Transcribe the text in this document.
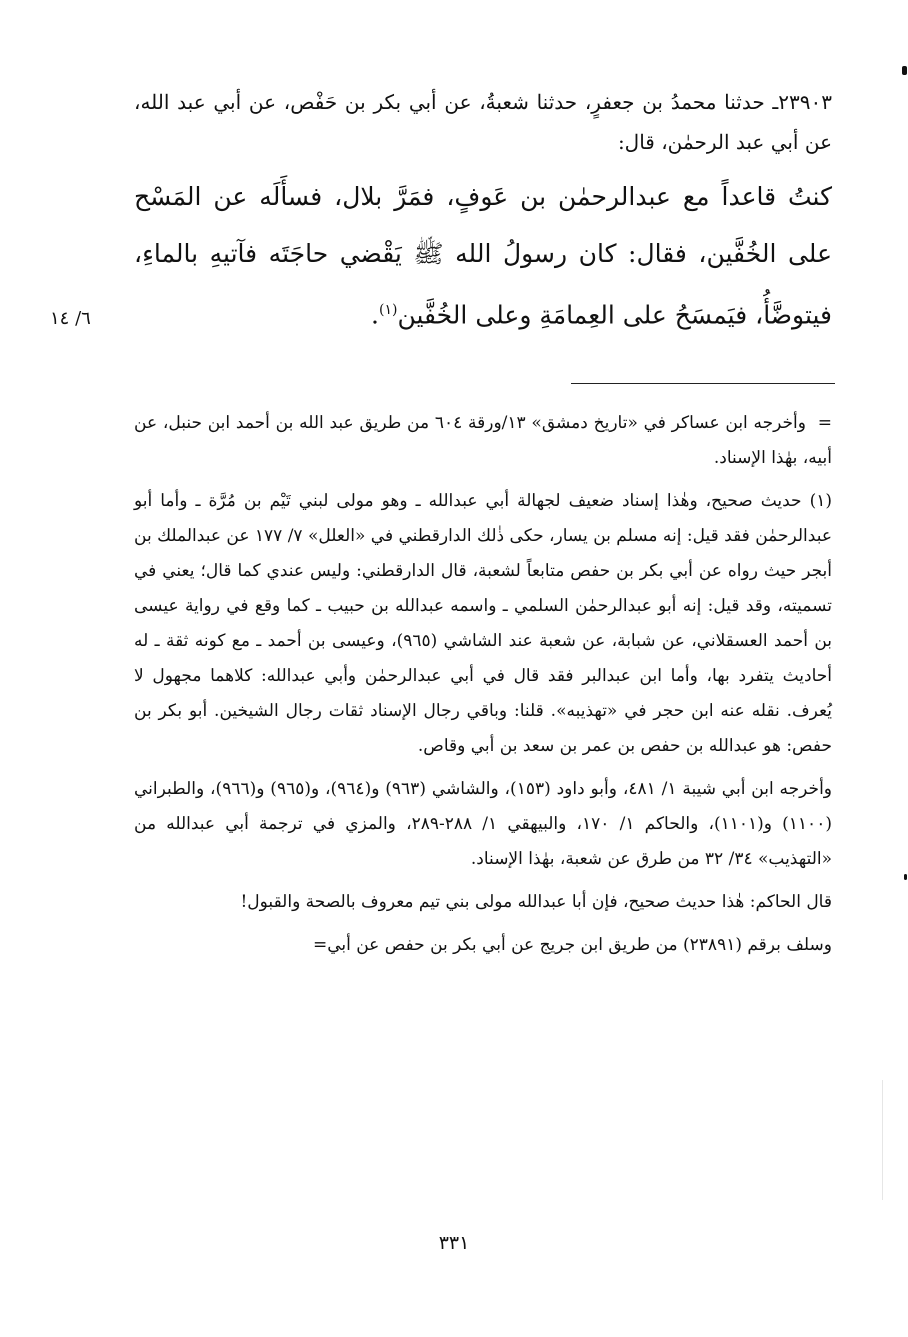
٢٣٩٠٣ـ حدثنا محمدُ بن جعفرٍ، حدثنا شعبةُ، عن أبي بكر بن حَفْص، عن أبي عبد الله، عن أبي عبد الرحمٰن، قال:

كنتُ قاعداً مع عبدالرحمٰن بن عَوفٍ، فمَرَّ بلال، فسأَلَه عن المَسْح على الخُفَّين، فقال: كان رسولُ الله ﷺ يَقْضي حاجَتَه فآتيهِ بالماءِ، فيتوضَّأُ، فيَمسَحُ على العِمامَةِ وعلى الخُفَّين$^{(١)}$.

٦/ ١٤

= وأخرجه ابن عساكر في «تاريخ دمشق» ١٣/ورقة ٦٠٤ من طريق عبد الله بن أحمد ابن حنبل، عن أبيه، بهٰذا الإسناد.

(١) حديث صحيح، وهٰذا إسناد ضعيف لجهالة أبي عبدالله ـ وهو مولى لبني تَيْم بن مُرَّة ـ وأما أبو عبدالرحمٰن فقد قيل: إنه مسلم بن يسار، حكى ذٰلك الدارقطني في «العلل» ٧/ ١٧٧ عن عبدالملك بن أبجر حيث رواه عن أبي بكر بن حفص متابعاً لشعبة، قال الدارقطني: وليس عندي كما قال؛ يعني في تسميته، وقد قيل: إنه أبو عبدالرحمٰن السلمي ـ واسمه عبدالله بن حبيب ـ كما وقع في رواية عيسى بن أحمد العسقلاني، عن شبابة، عن شعبة عند الشاشي (٩٦٥)، وعيسى بن أحمد ـ مع كونه ثقة ـ له أحاديث يتفرد بها، وأما ابن عبدالبر فقد قال في أبي عبدالرحمٰن وأبي عبدالله: كلاهما مجهول لا يُعرف. نقله عنه ابن حجر في «تهذيبه». قلنا: وباقي رجال الإسناد ثقات رجال الشيخين. أبو بكر بن حفص: هو عبدالله بن حفص بن عمر بن سعد بن أبي وقاص.

وأخرجه ابن أبي شيبة ١/ ٤٨١، وأبو داود (١٥٣)، والشاشي (٩٦٣) و(٩٦٤)، و(٩٦٥) و(٩٦٦)، والطبراني (١١٠٠) و(١١٠١)، والحاكم ١/ ١٧٠، والبيهقي ١/ ٢٨٨-٢٨٩، والمزي في ترجمة أبي عبدالله من «التهذيب» ٣٤/ ٣٢ من طرق عن شعبة، بهٰذا الإسناد.

قال الحاكم: هٰذا حديث صحيح، فإن أبا عبدالله مولى بني تيم معروف بالصحة والقبول!

وسلف برقم (٢٣٨٩١) من طريق ابن جريج عن أبي بكر بن حفص عن أبي=

٣٣١
